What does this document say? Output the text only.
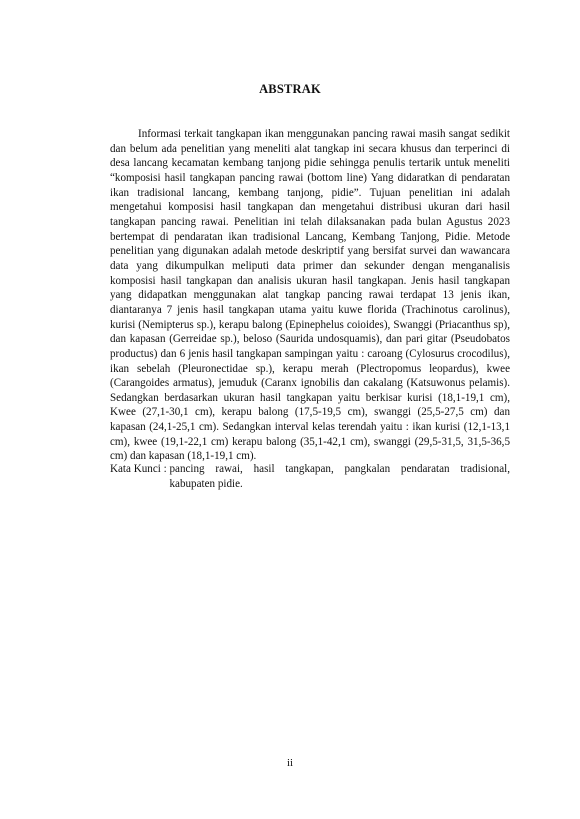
ABSTRAK

Informasi terkait tangkapan ikan menggunakan pancing rawai masih sangat sedikit dan belum ada penelitian yang meneliti alat tangkap ini secara khusus dan terperinci di desa lancang kecamatan kembang tanjong pidie sehingga penulis tertarik untuk meneliti “komposisi hasil tangkapan pancing rawai (bottom line) Yang didaratkan di pendaratan ikan tradisional lancang, kembang tanjong, pidie”. Tujuan penelitian ini adalah mengetahui komposisi hasil tangkapan dan mengetahui distribusi ukuran dari hasil tangkapan pancing rawai. Penelitian ini telah dilaksanakan pada bulan Agustus 2023 bertempat di pendaratan ikan tradisional Lancang, Kembang Tanjong, Pidie. Metode penelitian yang digunakan adalah metode deskriptif yang bersifat survei dan wawancara data yang dikumpulkan meliputi data primer dan sekunder dengan menganalisis komposisi hasil tangkapan dan analisis ukuran hasil tangkapan. Jenis hasil tangkapan yang didapatkan menggunakan alat tangkap pancing rawai terdapat 13 jenis ikan, diantaranya 7 jenis hasil tangkapan utama yaitu kuwe florida (Trachinotus carolinus), kurisi (Nemipterus sp.), kerapu balong (Epinephelus coioides), Swanggi (Priacanthus sp), dan kapasan (Gerreidae sp.), beloso (Saurida undosquamis), dan pari gitar (Pseudobatos productus) dan 6 jenis hasil tangkapan sampingan yaitu : caroang (Cylosurus crocodilus), ikan sebelah (Pleuronectidae sp.), kerapu merah (Plectropomus leopardus), kwee (Carangoides armatus), jemuduk (Caranx ignobilis dan cakalang (Katsuwonus pelamis). Sedangkan berdasarkan ukuran hasil tangkapan yaitu berkisar kurisi (18,1-19,1 cm), Kwee (27,1-30,1 cm), kerapu balong (17,5-19,5 cm), swanggi (25,5-27,5 cm) dan kapasan (24,1-25,1 cm). Sedangkan interval kelas terendah yaitu : ikan kurisi (12,1-13,1 cm), kwee (19,1-22,1 cm) kerapu balong (35,1-42,1 cm), swanggi (29,5-31,5, 31,5-36,5 cm) dan kapasan (18,1-19,1 cm).

Kata Kunci : pancing rawai, hasil tangkapan, pangkalan pendaratan tradisional, kabupaten pidie.
ii
